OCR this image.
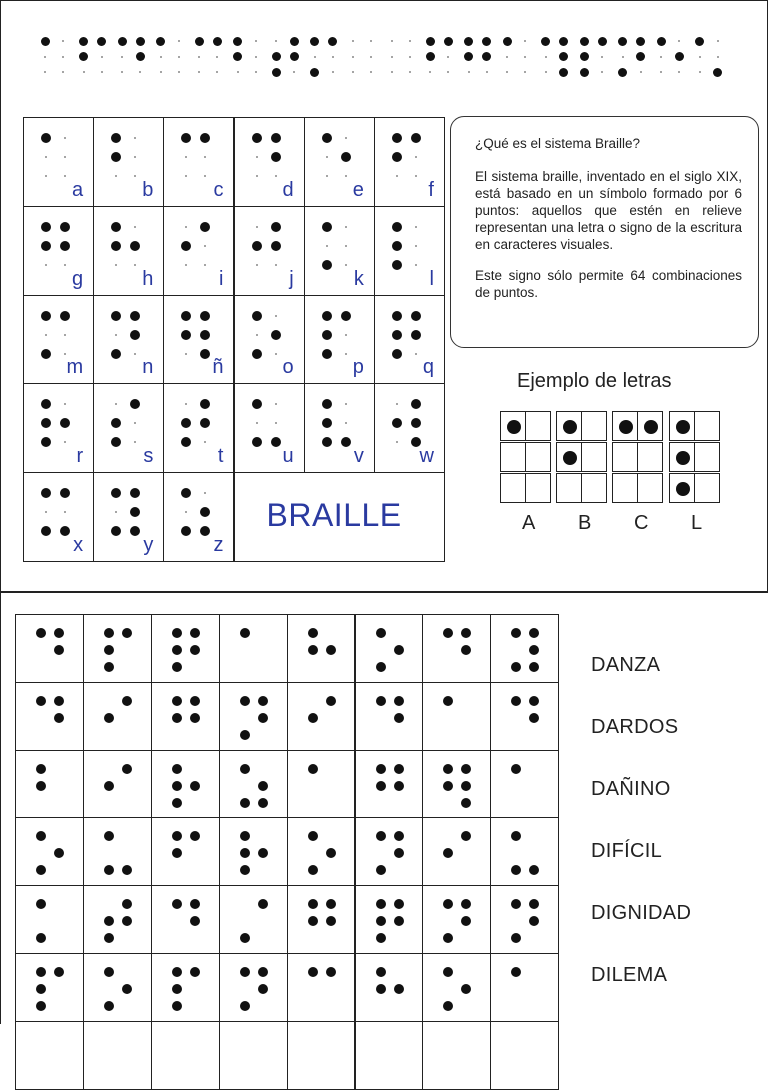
a	b	c	d	e	f
g	h	i	j	k	l
m	n	ñ	o	p	q
r	s	t	u	v	w
x	y	z
BRAILLE

¿Qué es el sistema Braille?

El sistema braille, inventado en el siglo XIX, está basado en un símbolo formado por 6 puntos: aquellos que estén en relieve representan una letra o signo de la escritura en caracteres visuales.

Este signo sólo permite 64 combinaciones de puntos.

Ejemplo de letras
A B C L
DANZA
DARDOS
DAÑINO
DIFÍCIL
DIGNIDAD
DILEMA
